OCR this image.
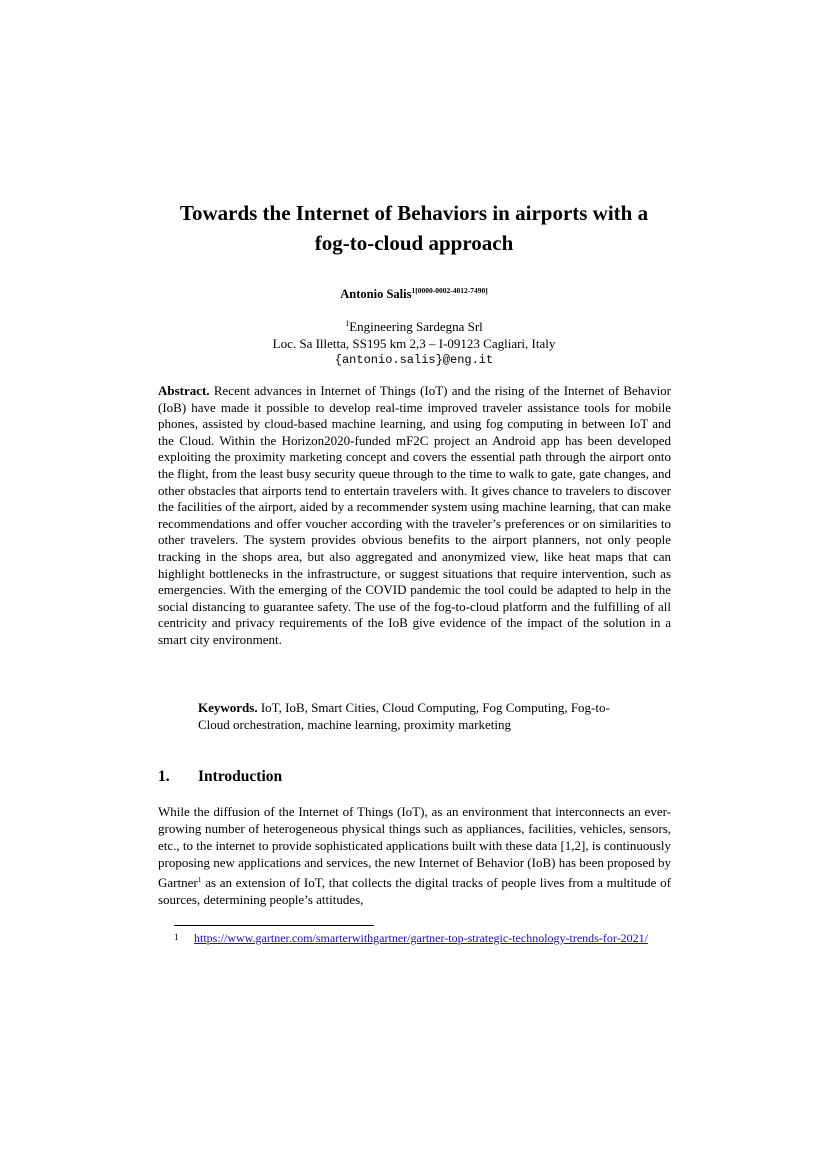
Towards the Internet of Behaviors in airports with a
fog-to-cloud approach
Antonio Salis$^{1[0000-0002-4012-7490]}$
$^1$Engineering Sardegna Srl
Loc. Sa Illetta, SS195 km 2,3 – I-09123 Cagliari, Italy
{antonio.salis}@eng.it

Abstract. Recent advances in Internet of Things (IoT) and the rising of the Internet of Behavior (IoB) have made it possible to develop real-time improved traveler assistance tools for mobile phones, assisted by cloud-based machine learning, and using fog computing in between IoT and the Cloud. Within the Horizon2020-funded mF2C project an Android app has been developed exploiting the proximity marketing concept and covers the essential path through the airport onto the flight, from the least busy security queue through to the time to walk to gate, gate changes, and other obstacles that airports tend to entertain travelers with. It gives chance to travelers to discover the facilities of the airport, aided by a recommender system using machine learning, that can make recommendations and offer voucher according with the traveler’s preferences or on similarities to other travelers. The system provides obvious benefits to the airport planners, not only people tracking in the shops area, but also aggregated and anonymized view, like heat maps that can highlight bottlenecks in the infrastructure, or suggest situations that require intervention, such as emergencies. With the emerging of the COVID pandemic the tool could be adapted to help in the social distancing to guarantee safety. The use of the fog-to-cloud platform and the fulfilling of all centricity and privacy requirements of the IoB give evidence of the impact of the solution in a smart city environment.

Keywords. IoT, IoB, Smart Cities, Cloud Computing, Fog Computing, Fog-to-Cloud orchestration, machine learning, proximity marketing

1. Introduction

While the diffusion of the Internet of Things (IoT), as an environment that interconnects an ever-growing number of heterogeneous physical things such as appliances, facilities, vehicles, sensors, etc., to the internet to provide sophisticated applications built with these data [1,2], is continuously proposing new applications and services, the new Internet of Behavior (IoB) has been proposed by Gartner$^1$ as an extension of IoT, that collects the digital tracks of people lives from a multitude of sources, determining people’s attitudes,

1 https://www.gartner.com/smarterwithgartner/gartner-top-strategic-technology-trends-for-2021/
